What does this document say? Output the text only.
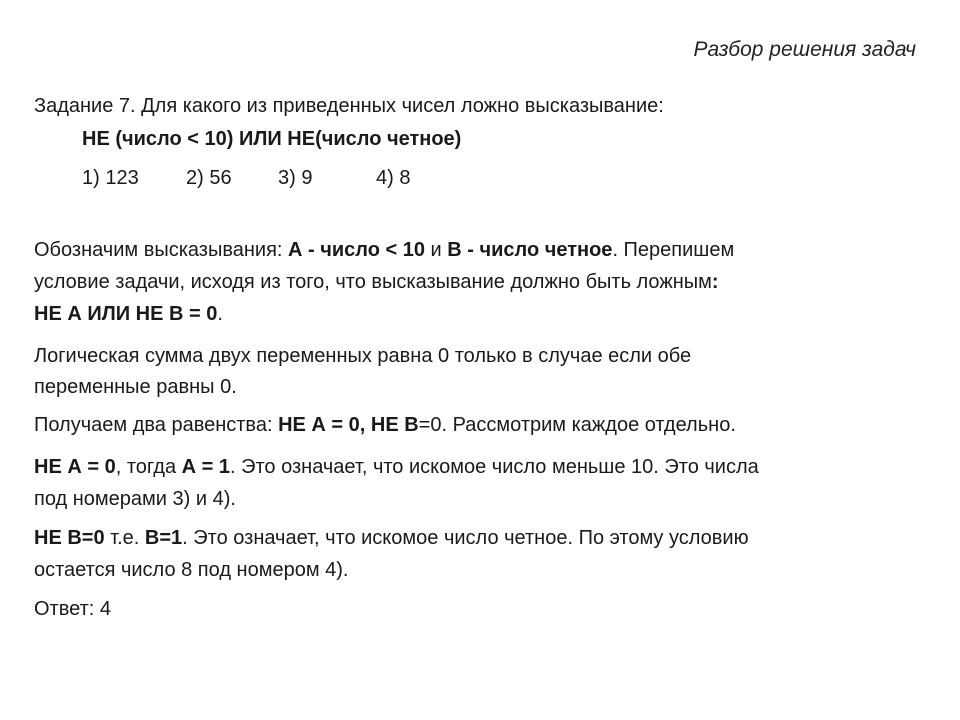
Разбор решения задач
Задание 7. Для какого из приведенных чисел ложно высказывание:
НЕ (число < 10) ИЛИ НЕ(число четное)
1) 123 2) 56 3) 9	4) 8
Обозначим высказывания: А - число < 10 и В - число четное. Перепишем
условие задачи, исходя из того, что высказывание должно быть ложным:
НЕ А ИЛИ НЕ В = 0.
Логическая сумма двух переменных равна 0 только в случае если обе
переменные равны 0.
Получаем два равенства: НЕ А = 0, НЕ В=0. Рассмотрим каждое отдельно.
НЕ А = 0, тогда А = 1. Это означает, что искомое число меньше 10. Это числа
под номерами 3) и 4).
НЕ В=0 т.е. В=1. Это означает, что искомое число четное. По этому условию
остается число 8 под номером 4).
Ответ: 4
